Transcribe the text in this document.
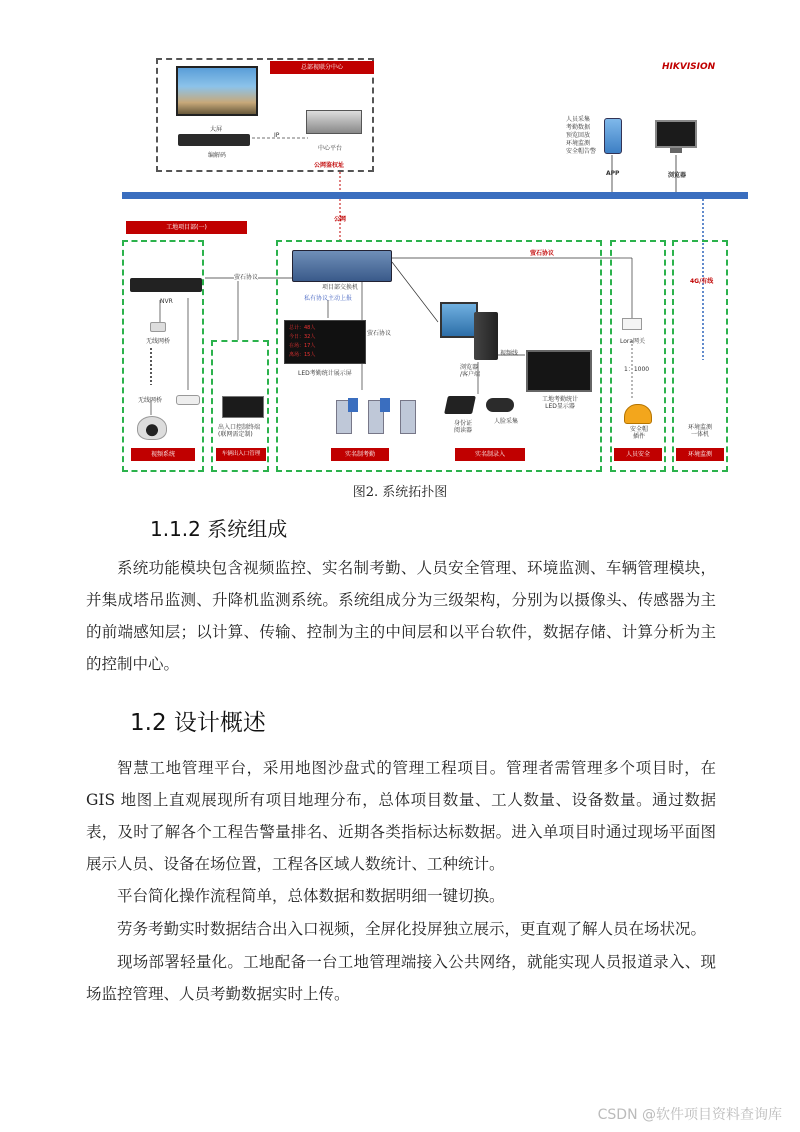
总部视联分中心
大屏
编解码
IP
中心平台
公网鉴权址
HIKVISION
人员采集
考勤数据
预览回放
环境监测
安全帽告警
APP	浏览器
公网
工地项目部(一)
NVR
无线网桥
无线网桥
视频系统
萤石协议
出入口控制终端
(联网需定制)
车辆出入口管理
项目部交换机
私有协议主动上报
总计：48人
今日：32人
在场：17人
离场：15人
LED考勤统计展示屏
萤石协议
浏览器
/客户端
视频线
工地考勤统计
LED显示器
身份证
阅读器
人脸采集
实名制考勤	实名制录入
萤石协议
Lora网关
1：1000
安全帽
插件
人员安全
4G/有线
环境监测
一体机
环境监测
图2. 系统拓扑图
1.1.2 系统组成

系统功能模块包含视频监控、实名制考勤、人员安全管理、环境监测、车辆管理模块，并集成塔吊监测、升降机监测系统。系统组成分为三级架构，分别为以摄像头、传感器为主的前端感知层；以计算、传输、控制为主的中间层和以平台软件，数据存储、计算分析为主的控制中心。

1.2 设计概述

智慧工地管理平台，采用地图沙盘式的管理工程项目。管理者需管理多个项目时，在GIS 地图上直观展现所有项目地理分布，总体项目数量、工人数量、设备数量。通过数据表，及时了解各个工程告警量排名、近期各类指标达标数据。进入单项目时通过现场平面图展示人员、设备在场位置，工程各区域人数统计、工种统计。

平台简化操作流程简单，总体数据和数据明细一键切换。

劳务考勤实时数据结合出入口视频，全屏化投屏独立展示，更直观了解人员在场状况。

现场部署轻量化。工地配备一台工地管理端接入公共网络，就能实现人员报道录入、现场监控管理、人员考勤数据实时上传。

CSDN @软件项目资料查询库
